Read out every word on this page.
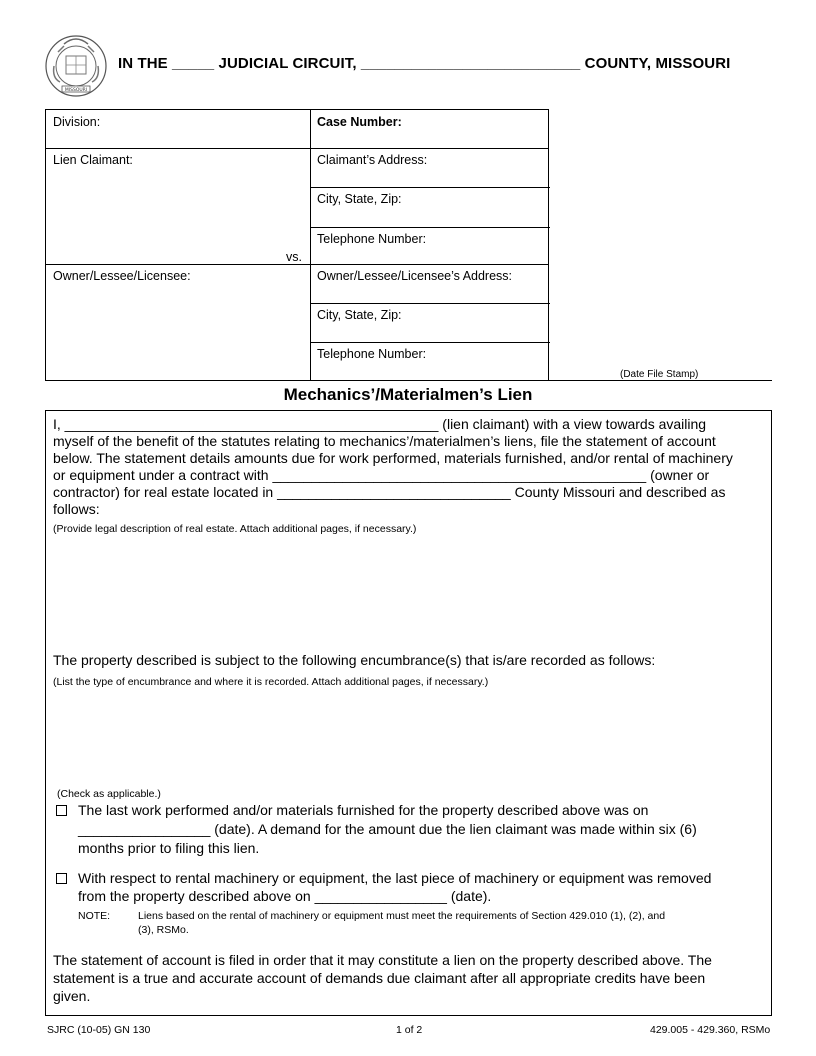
MISSOURI
IN THE _____ JUDICIAL CIRCUIT, __________________________ COUNTY, MISSOURI
Division:	Case Number:
Lien Claimant:	Claimant’s Address:
City, State, Zip:
Telephone Number:
vs.
Owner/Lessee/Licensee:	Owner/Lessee/Licensee’s Address:
City, State, Zip:
Telephone Number:
(Date File Stamp)
Mechanics’/Materialmen’s Lien
I, ________________________________________________ (lien claimant) with a view towards availing
myself of the benefit of the statutes relating to mechanics’/materialmen’s liens, file the statement of account
below. The statement details amounts due for work performed, materials furnished, and/or rental of machinery
or equipment under a contract with ________________________________________________ (owner or
contractor) for real estate located in ______________________________ County Missouri and described as
follows:
(Provide legal description of real estate. Attach additional pages, if necessary.)
The property described is subject to the following encumbrance(s) that is/are recorded as follows:
(List the type of encumbrance and where it is recorded. Attach additional pages, if necessary.)
(Check as applicable.)
The last work performed and/or materials furnished for the property described above was on
_________________ (date). A demand for the amount due the lien claimant was made within six (6)
months prior to filing this lien.
With respect to rental machinery or equipment, the last piece of machinery or equipment was removed
from the property described above on _________________ (date).
NOTE:	Liens based on the rental of machinery or equipment must meet the requirements of Section 429.010 (1), (2), and
(3), RSMo.
The statement of account is filed in order that it may constitute a lien on the property described above. The
statement is a true and accurate account of demands due claimant after all appropriate credits have been
given.
SJRC (10-05) GN 130	1 of 2	429.005 - 429.360, RSMo
